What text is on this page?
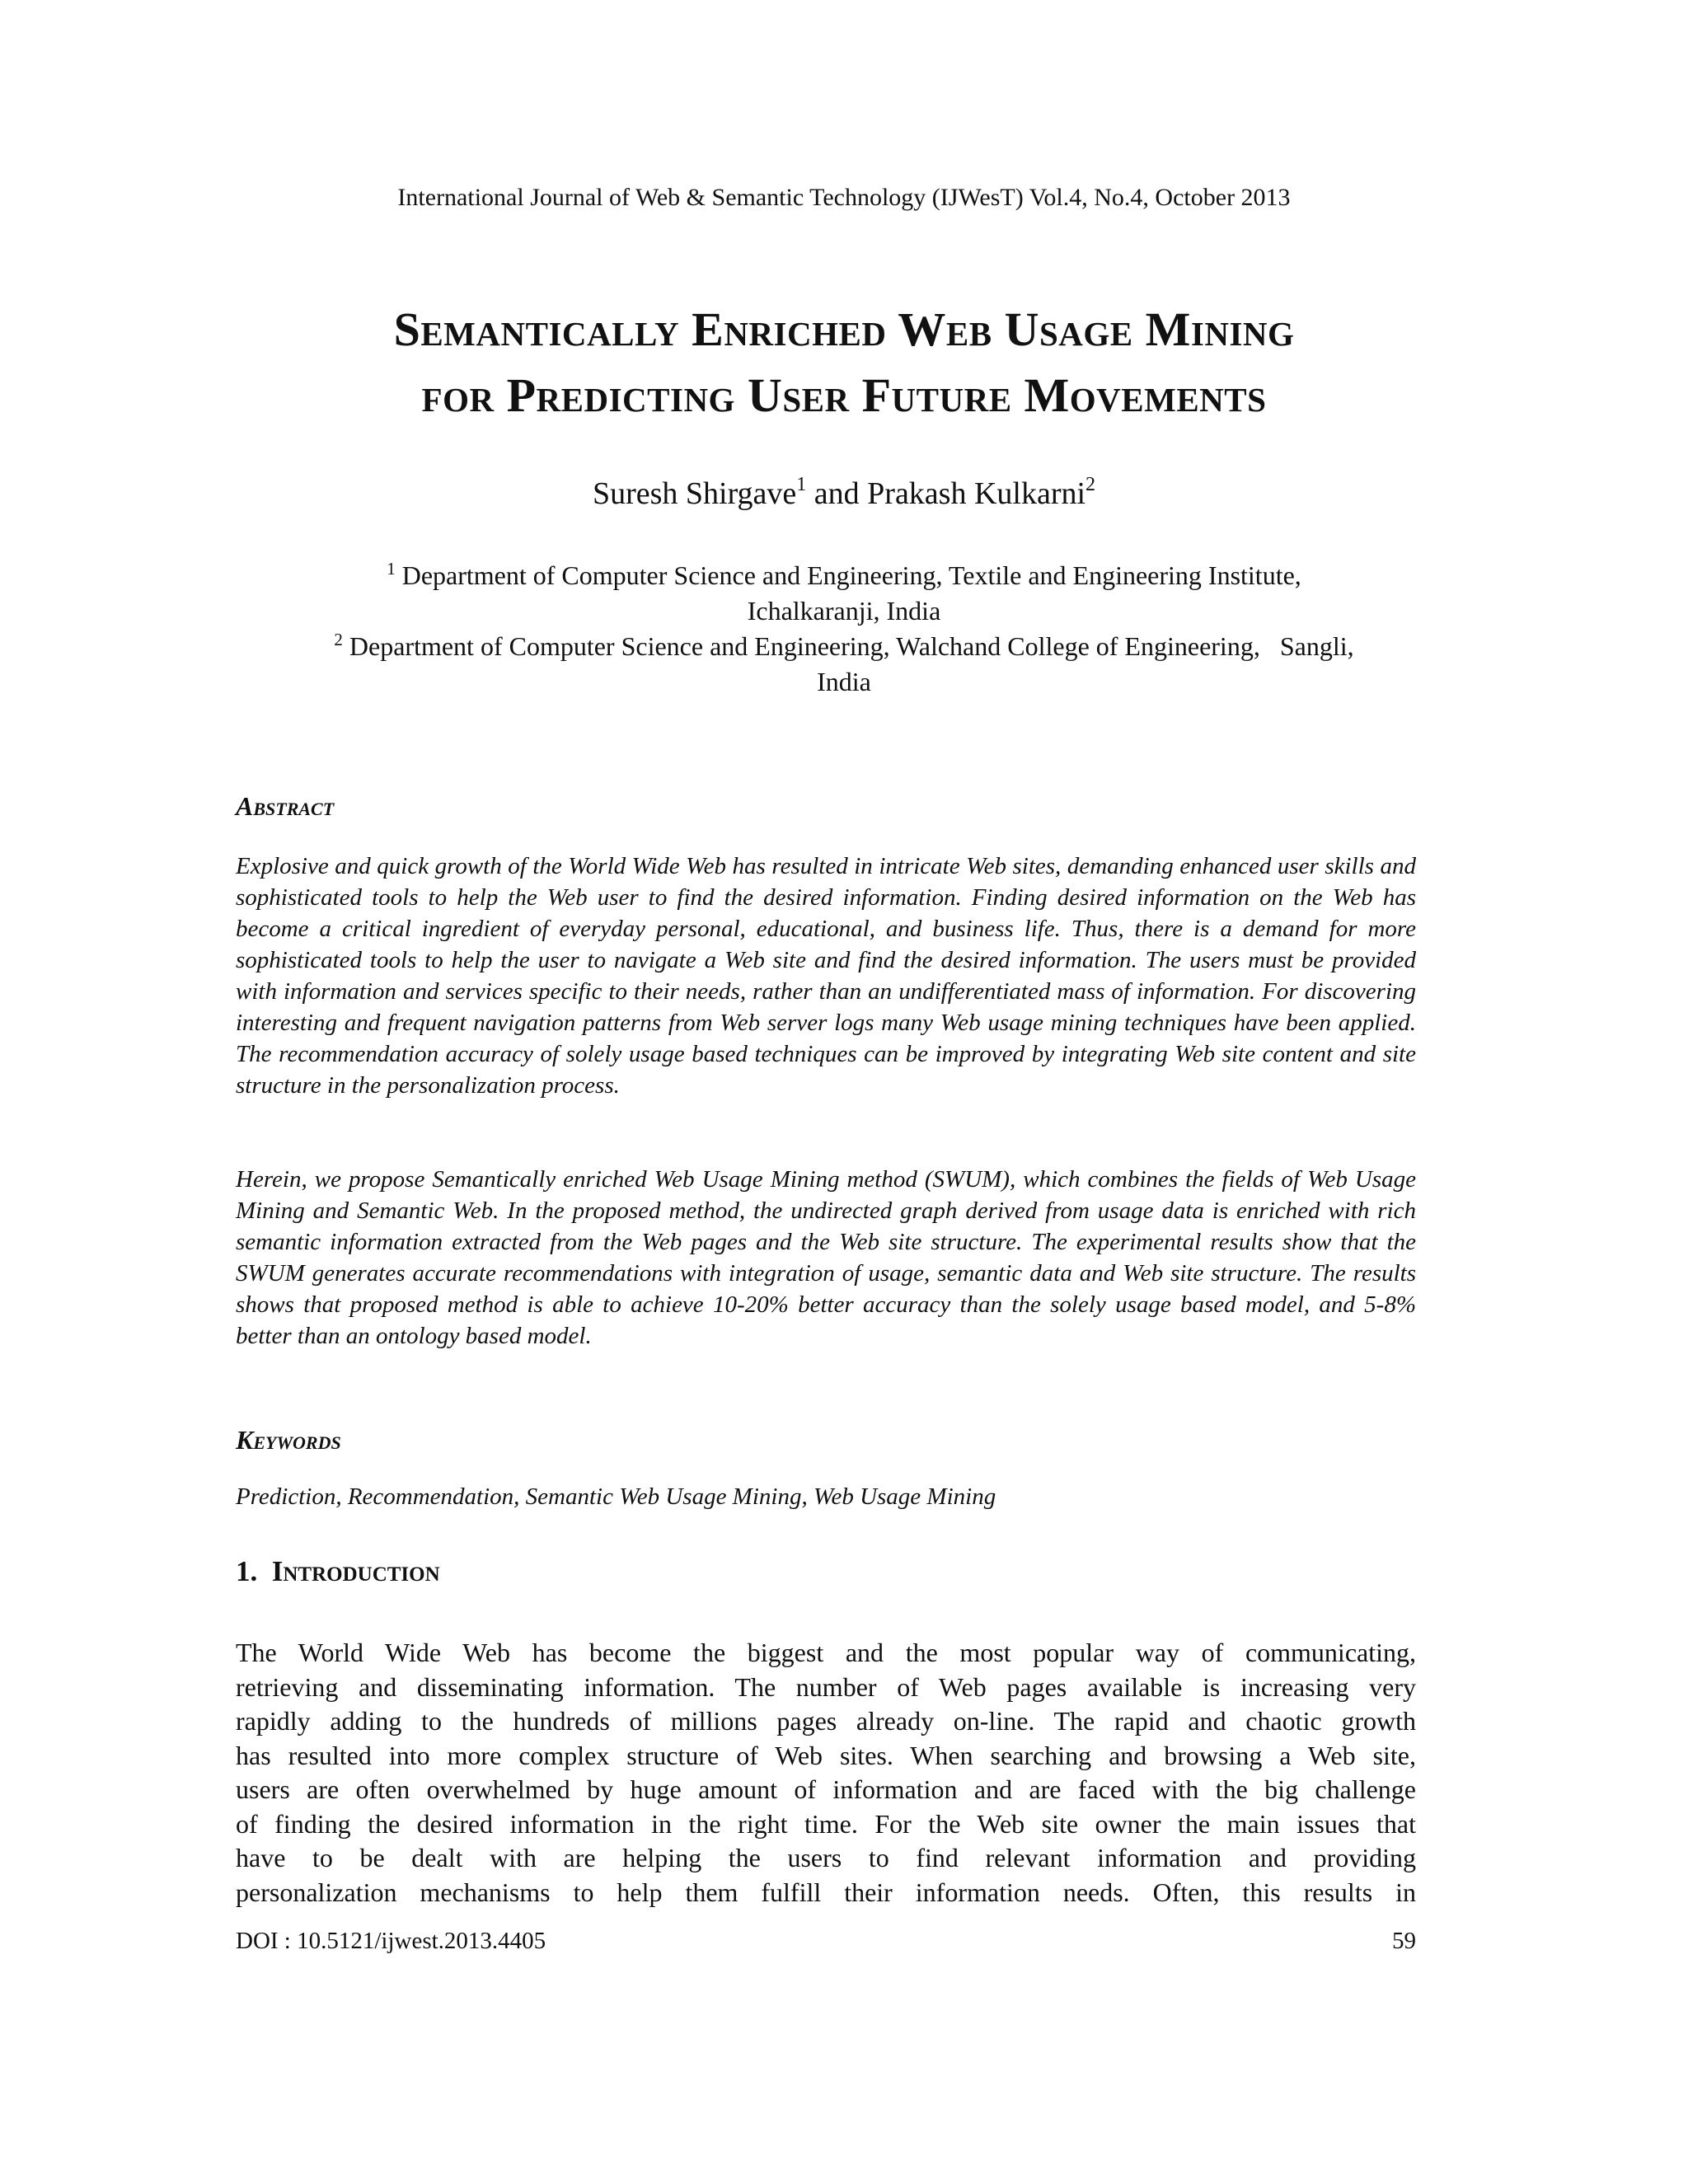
International Journal of Web & Semantic Technology (IJWesT) Vol.4, No.4, October 2013
Semantically Enriched Web Usage Mining
for Predicting User Future Movements
Suresh Shirgave$^1$ and Prakash Kulkarni$^2$
$^1$ Department of Computer Science and Engineering, Textile and Engineering Institute,
Ichalkaranji, India
$^2$ Department of Computer Science and Engineering, Walchand College of Engineering,   Sangli,
India
Abstract

Explosive and quick growth of the World Wide Web has resulted in intricate Web sites, demanding enhanced user skills and sophisticated tools to help the Web user to find the desired information. Finding desired information on the Web has become a critical ingredient of everyday personal, educational, and business life. Thus, there is a demand for more sophisticated tools to help the user to navigate a Web site and find the desired information. The users must be provided with information and services specific to their needs, rather than an undifferentiated mass of information. For discovering interesting and frequent navigation patterns from Web server logs many Web usage mining techniques have been applied. The recommendation accuracy of solely usage based techniques can be improved by integrating Web site content and site structure in the personalization process.

Herein, we propose Semantically enriched Web Usage Mining method (SWUM), which combines the fields of Web Usage Mining and Semantic Web. In the proposed method, the undirected graph derived from usage data is enriched with rich semantic information extracted from the Web pages and the Web site structure. The experimental results show that the SWUM generates accurate recommendations with integration of usage, semantic data and Web site structure. The results shows that proposed method is able to achieve 10-20% better accuracy than the solely usage based model, and 5-8% better than an ontology based model.

Keywords

Prediction, Recommendation, Semantic Web Usage Mining, Web Usage Mining

1.  Introduction

The World Wide Web has become the biggest and the most popular way of communicating,

retrieving and disseminating information. The number of Web pages available is increasing very

rapidly adding to the hundreds of millions pages already on-line. The rapid and chaotic growth

has resulted into more complex structure of Web sites. When searching and browsing a Web site,

users are often overwhelmed by huge amount of information and are faced with the big challenge

of finding the desired information in the right time. For the Web site owner the main issues that

have to be dealt with are helping the users to find relevant information and providing

personalization mechanisms to help them fulfill their information needs. Often, this results in

DOI : 10.5121/ijwest.2013.4405	59
